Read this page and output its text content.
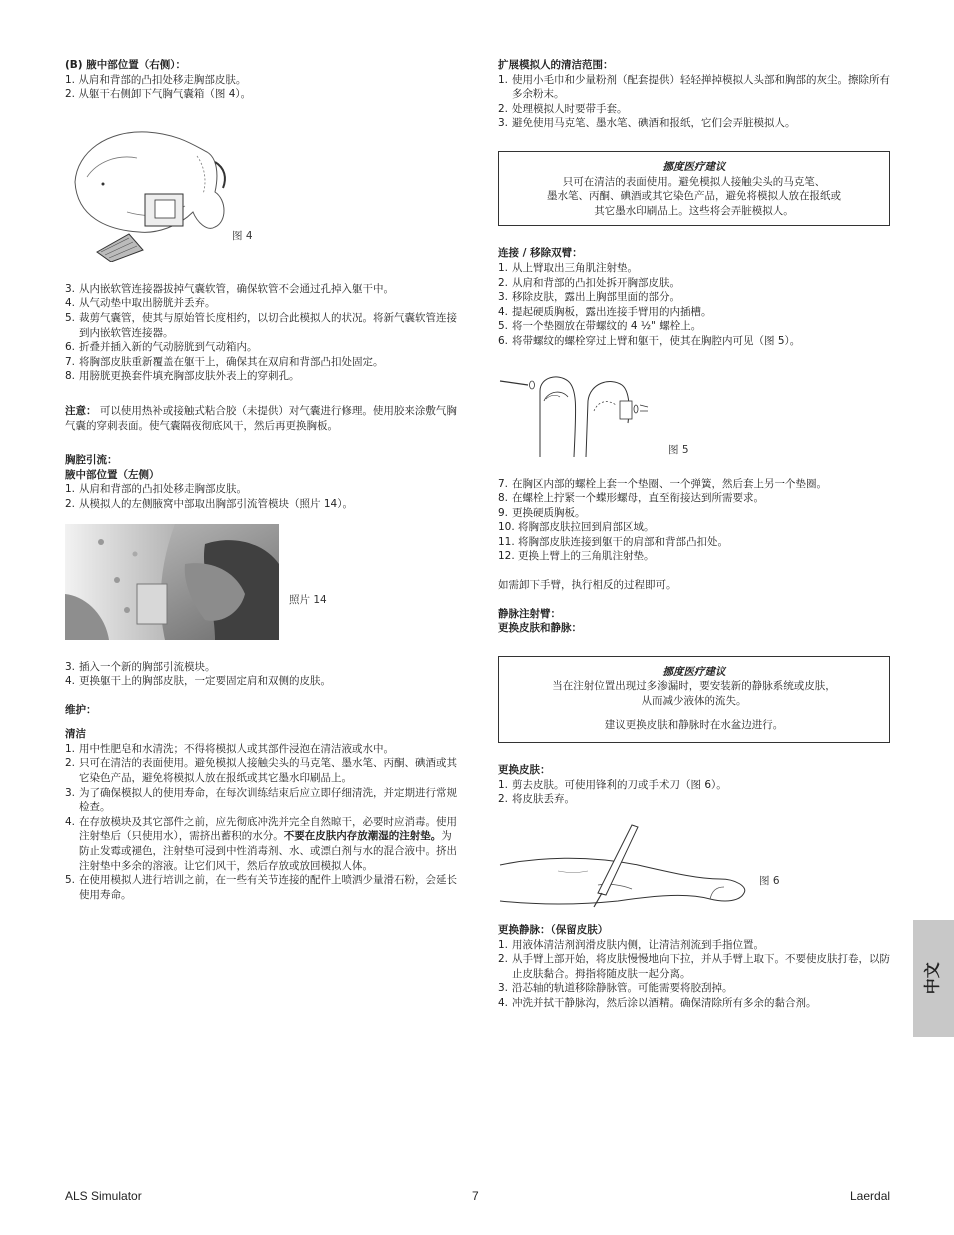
(B) 腋中部位置（右侧）：
1. 从肩和背部的凸扣处移走胸部皮肤。
2. 从躯干右侧卸下气胸气囊箱（图 4）。
图 4
3. 从内嵌软管连接器拔掉气囊软管，确保软管不会通过孔掉入躯干中。
4. 从气动垫中取出膀胱并丢弃。
5. 裁剪气囊管，使其与原始管长度相约，以切合此模拟人的状况。将新气囊软管连接到内嵌软管连接器。
6. 折叠并插入新的气动膀胱到气动箱内。
7. 将胸部皮肤重新覆盖在躯干上，确保其在双肩和背部凸扣处固定。
8. 用膀胱更换套件填充胸部皮肤外表上的穿刺孔。
注意： 可以使用热补或接触式粘合胶（未提供）对气囊进行修理。使用胶来涂敷气胸气囊的穿刺表面。使气囊隔夜彻底风干，然后再更换胸板。
胸腔引流：
腋中部位置（左侧）
1. 从肩和背部的凸扣处移走胸部皮肤。
2. 从模拟人的左侧腋窝中部取出胸部引流管模块（照片 14）。
照片 14
3. 插入一个新的胸部引流模块。
4. 更换躯干上的胸部皮肤，一定要固定肩和双侧的皮肤。
维护：
清洁
1. 用中性肥皂和水清洗；不得将模拟人或其部件浸泡在清洁液或水中。
2. 只可在清洁的表面使用。避免模拟人接触尖头的马克笔、墨水笔、丙酮、碘酒或其它染色产品，避免将模拟人放在报纸或其它墨水印刷品上。
3. 为了确保模拟人的使用寿命，在每次训练结束后应立即仔细清洗，并定期进行常规检查。
4. 在存放模块及其它部件之前，应先彻底冲洗并完全自然晾干，必要时应消毒。使用注射垫后（只使用水），需挤出蓄积的水分。不要在皮肤内存放潮湿的注射垫。为防止发霉或褪色，注射垫可浸到中性消毒剂、水、或漂白剂与水的混合液中。挤出注射垫中多余的溶液。让它们风干，然后存放或放回模拟人体。
5. 在使用模拟人进行培训之前，在一些有关节连接的配件上喷洒少量滑石粉，会延长使用寿命。
扩展模拟人的清洁范围：
1. 使用小毛巾和少量粉剂（配套提供）轻轻掸掉模拟人头部和胸部的灰尘。擦除所有多余粉末。
2. 处理模拟人时要带手套。
3. 避免使用马克笔、墨水笔、碘酒和报纸，它们会弄脏模拟人。
挪度医疗建议
只可在清洁的表面使用。避免模拟人接触尖头的马克笔、
墨水笔、丙酮、碘酒或其它染色产品，避免将模拟人放在报纸或
其它墨水印刷品上。这些将会弄脏模拟人。
连接 / 移除双臂：
1. 从上臂取出三角肌注射垫。
2. 从肩和背部的凸扣处拆开胸部皮肤。
3. 移除皮肤，露出上胸部里面的部分。
4. 提起硬质胸板，露出连接手臂用的内插槽。
5. 将一个垫圈放在带螺纹的 4 ½" 螺栓上。
6. 将带螺纹的螺栓穿过上臂和躯干，使其在胸腔内可见（图 5）。
图 5
7. 在胸区内部的螺栓上套一个垫圈、一个弹簧，然后套上另一个垫圈。
8. 在螺栓上拧紧一个蝶形螺母，直至衔接达到所需要求。
9. 更换硬质胸板。
10. 将胸部皮肤拉回到肩部区域。
11. 将胸部皮肤连接到躯干的肩部和背部凸扣处。
12. 更换上臂上的三角肌注射垫。
如需卸下手臂，执行相反的过程即可。
静脉注射臂：
更换皮肤和静脉：
挪度医疗建议
当在注射位置出现过多渗漏时，要安装新的静脉系统或皮肤，
从而减少液体的流失。
建议更换皮肤和静脉时在水盆边进行。
更换皮肤：
1. 剪去皮肤。可使用锋利的刀或手术刀（图 6）。
2. 将皮肤丢弃。
图 6
更换静脉：（保留皮肤）
1. 用液体清洁剂润滑皮肤内侧，让清洁剂流到手指位置。
2. 从手臂上部开始，将皮肤慢慢地向下拉，并从手臂上取下。不要使皮肤打卷，以防止皮肤黏合。拇指将随皮肤一起分离。
3. 沿芯轴的轨道移除静脉管。可能需要将胶刮掉。
4. 冲洗并拭干静脉沟，然后涂以酒精。确保清除所有多余的黏合剂。
中文
ALS Simulator	7	Laerdal
